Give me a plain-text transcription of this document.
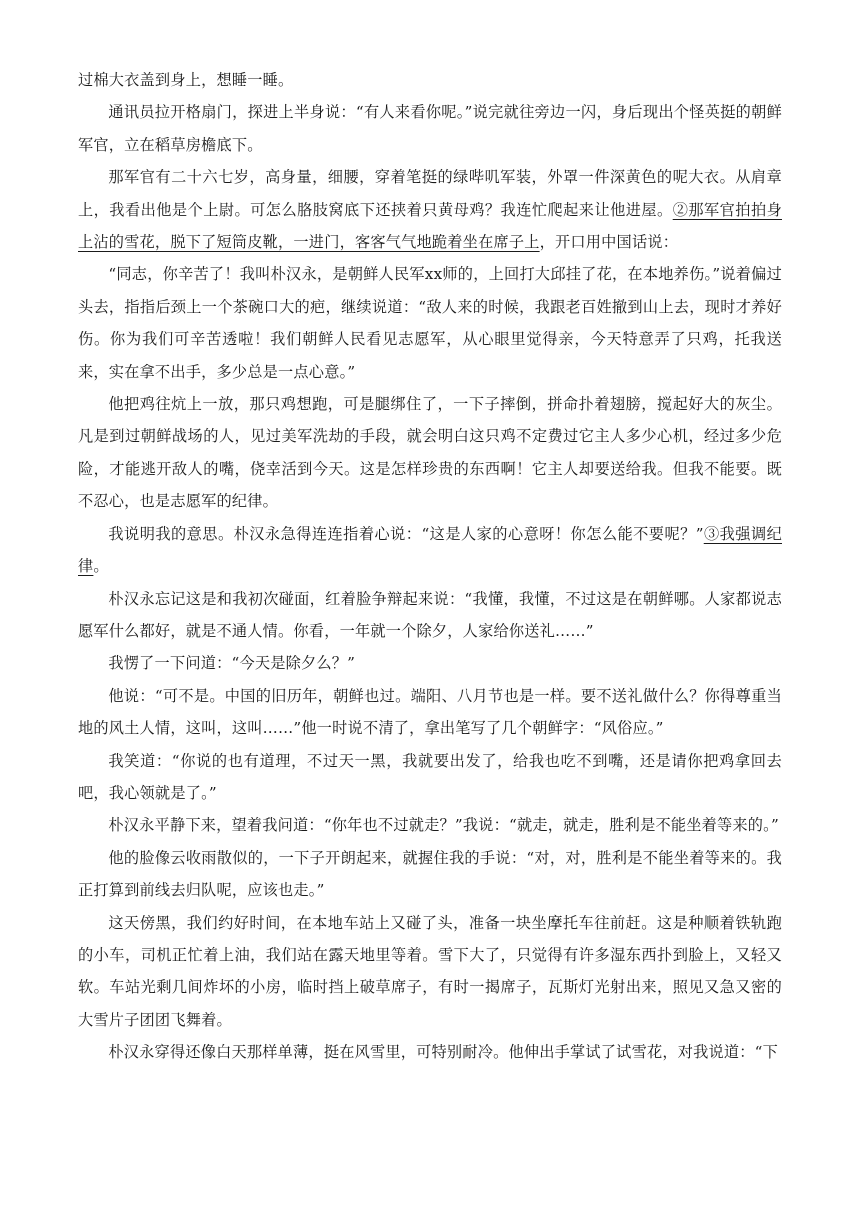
过棉大衣盖到身上，想睡一睡。

通讯员拉开格扇门，探进上半身说：“有人来看你呢。”说完就往旁边一闪，身后现出个怪英挺的朝鲜军官，立在稻草房檐底下。

那军官有二十六七岁，高身量，细腰，穿着笔挺的绿哔叽军装，外罩一件深黄色的呢大衣。从肩章上，我看出他是个上尉。可怎么胳肢窝底下还挟着只黄母鸡？我连忙爬起来让他进屋。②那军官拍拍身上沾的雪花，脱下了短筒皮靴，一进门，客客气气地跪着坐在席子上，开口用中国话说：

“同志，你辛苦了！我叫朴汉永，是朝鲜人民军xx师的，上回打大邱挂了花，在本地养伤。”说着偏过头去，指指后颈上一个茶碗口大的疤，继续说道：“敌人来的时候，我跟老百姓撤到山上去，现时才养好伤。你为我们可辛苦透啦！我们朝鲜人民看见志愿军，从心眼里觉得亲，今天特意弄了只鸡，托我送来，实在拿不出手，多少总是一点心意。”

他把鸡往炕上一放，那只鸡想跑，可是腿绑住了，一下子摔倒，拼命扑着翅膀，搅起好大的灰尘。凡是到过朝鲜战场的人，见过美军洗劫的手段，就会明白这只鸡不定费过它主人多少心机，经过多少危险，才能逃开敌人的嘴，侥幸活到今天。这是怎样珍贵的东西啊！它主人却要送给我。但我不能要。既不忍心，也是志愿军的纪律。

我说明我的意思。朴汉永急得连连指着心说：“这是人家的心意呀！你怎么能不要呢？”③我强调纪律。

朴汉永忘记这是和我初次碰面，红着脸争辩起来说：“我懂，我懂，不过这是在朝鲜哪。人家都说志愿军什么都好，就是不通人情。你看，一年就一个除夕，人家给你送礼……”

我愣了一下问道：“今天是除夕么？”

他说：“可不是。中国的旧历年，朝鲜也过。端阳、八月节也是一样。要不送礼做什么？你得尊重当地的风土人情，这叫，这叫……”他一时说不清了，拿出笔写了几个朝鲜字：“风俗应。”

我笑道：“你说的也有道理，不过天一黑，我就要出发了，给我也吃不到嘴，还是请你把鸡拿回去吧，我心领就是了。”

朴汉永平静下来，望着我问道：“你年也不过就走？”我说：“就走，就走，胜利是不能坐着等来的。”

他的脸像云收雨散似的，一下子开朗起来，就握住我的手说：“对，对，胜利是不能坐着等来的。我正打算到前线去归队呢，应该也走。”

这天傍黑，我们约好时间，在本地车站上又碰了头，准备一块坐摩托车往前赶。这是种顺着铁轨跑的小车，司机正忙着上油，我们站在露天地里等着。雪下大了，只觉得有许多湿东西扑到脸上，又轻又软。车站光剩几间炸坏的小房，临时挡上破草席子，有时一揭席子，瓦斯灯光射出来，照见又急又密的大雪片子团团飞舞着。

朴汉永穿得还像白天那样单薄，挺在风雪里，可特别耐冷。他伸出手掌试了试雪花，对我说道：“下
